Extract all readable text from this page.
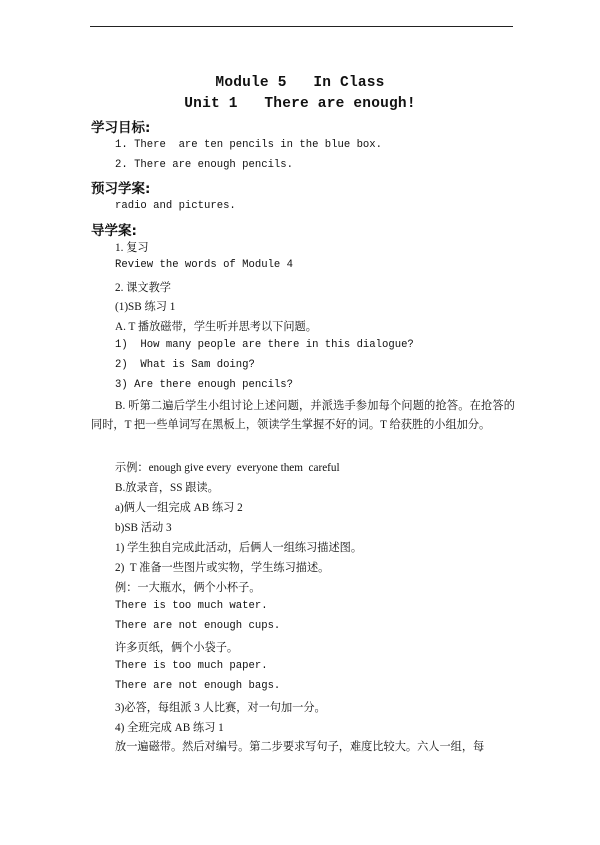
Module 5   In Class
Unit 1   There are enough!
学习目标:
1. There  are ten pencils in the blue box.
2. There are enough pencils.
预习学案:
radio and pictures.
导学案:
1. 复习
Review the words of Module 4
2. 课文教学
(1)SB 练习 1
A. T 播放磁带，学生听并思考以下问题。
1)  How many people are there in this dialogue?
2)  What is Sam doing?
3) Are there enough pencils?
B. 听第二遍后学生小组讨论上述问题，并派选手参加每个问题的抢答。在抢答的同时，T 把一些单词写在黑板上，领读学生掌握不好的词。T 给获胜的小组加分。
示例：enough give every  everyone them  careful
B.放录音，SS 跟读。
a)俩人一组完成 AB 练习 2
b)SB 活动 3
1) 学生独自完成此活动，后俩人一组练习描述图。
2)  T 准备一些图片或实物，学生练习描述。
例：一大瓶水，俩个小杯子。
There is too much water.
There are not enough cups.
许多页纸，俩个小袋子。
There is too much paper.
There are not enough bags.
3)必答，每组派 3 人比赛，对一句加一分。
4) 全班完成 AB 练习 1
放一遍磁带。然后对编号。第二步要求写句子，难度比较大。六人一组，每
